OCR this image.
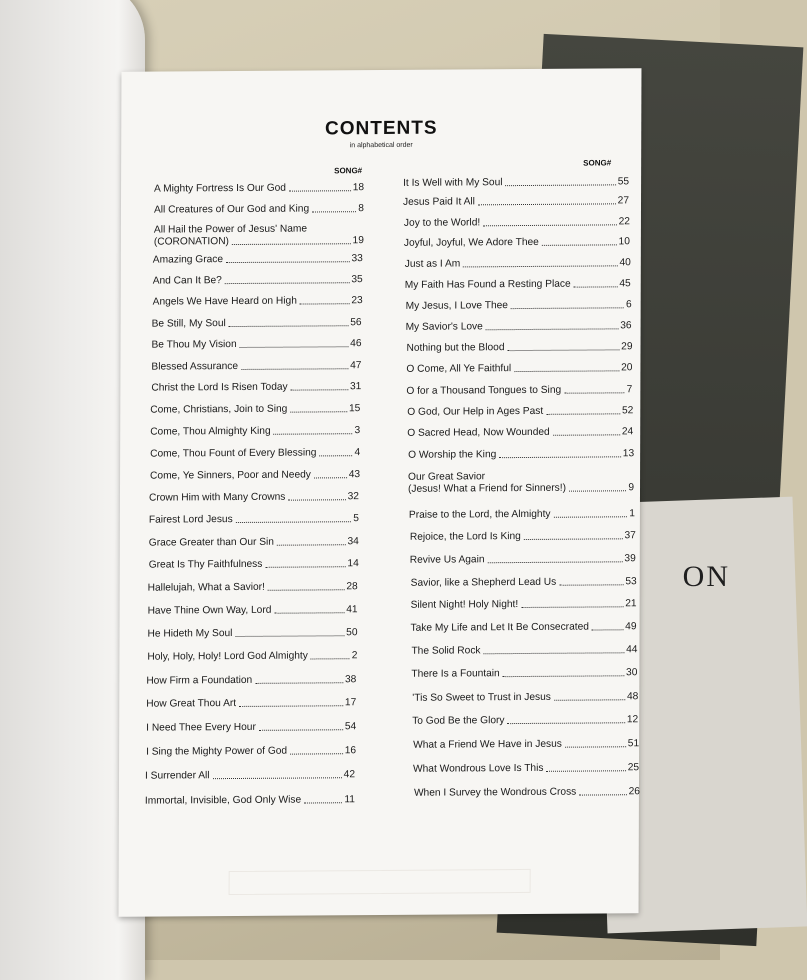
ON
CONTENTS
in alphabetical order
SONG#
SONG#
A Mighty Fortress Is Our God	18
All Creatures of Our God and King	8
All Hail the Power of Jesus' Name
(CORONATION)	19
Amazing Grace	33
And Can It Be?	35
Angels We Have Heard on High	23
Be Still, My Soul	56
Be Thou My Vision	46
Blessed Assurance	47
Christ the Lord Is Risen Today	31
Come, Christians, Join to Sing	15
Come, Thou Almighty King	3
Come, Thou Fount of Every Blessing	4
Come, Ye Sinners, Poor and Needy	43
Crown Him with Many Crowns	32
Fairest Lord Jesus	5
Grace Greater than Our Sin	34
Great Is Thy Faithfulness	14
Hallelujah, What a Savior!	28
Have Thine Own Way, Lord	41
He Hideth My Soul	50
Holy, Holy, Holy! Lord God Almighty	2
How Firm a Foundation	38
How Great Thou Art	17
I Need Thee Every Hour	54
I Sing the Mighty Power of God	16
I Surrender All	42
Immortal, Invisible, God Only Wise	11
It Is Well with My Soul	55
Jesus Paid It All	27
Joy to the World!	22
Joyful, Joyful, We Adore Thee	10
Just as I Am	40
My Faith Has Found a Resting Place	45
My Jesus, I Love Thee	6
My Savior's Love	36
Nothing but the Blood	29
O Come, All Ye Faithful	20
O for a Thousand Tongues to Sing	7
O God, Our Help in Ages Past	52
O Sacred Head, Now Wounded	24
O Worship the King	13
Our Great Savior
(Jesus! What a Friend for Sinners!)	9
Praise to the Lord, the Almighty	1
Rejoice, the Lord Is King	37
Revive Us Again	39
Savior, like a Shepherd Lead Us	53
Silent Night! Holy Night!	21
Take My Life and Let It Be Consecrated	49
The Solid Rock	44
There Is a Fountain	30
'Tis So Sweet to Trust in Jesus	48
To God Be the Glory	12
What a Friend We Have in Jesus	51
What Wondrous Love Is This	25
When I Survey the Wondrous Cross	26
